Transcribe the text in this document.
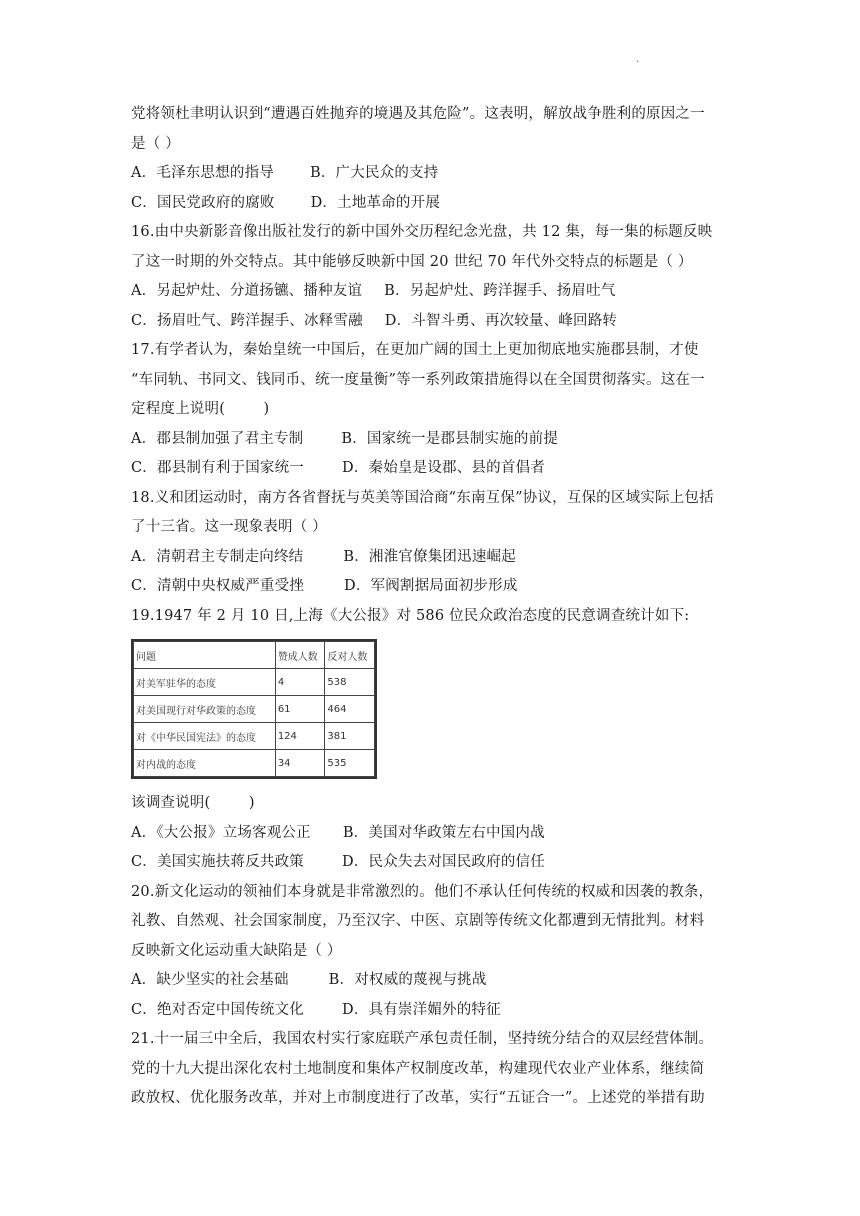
.
党将领杜聿明认识到“遭遇百姓抛弃的境遇及其危险”。这表明，解放战争胜利的原因之一
是（ ）
A．毛泽东思想的指导 B．广大民众的支持
C．国民党政府的腐败 D．土地革命的开展
16.由中央新影音像出版社发行的新中国外交历程纪念光盘，共 12 集，每一集的标题反映
了这一时期的外交特点。其中能够反映新中国 20 世纪 70 年代外交特点的标题是（ ）
A．另起炉灶、分道扬镳、播种友谊 B．另起炉灶、跨洋握手、扬眉吐气
C．扬眉吐气、跨洋握手、冰释雪融 D．斗智斗勇、再次较量、峰回路转
17.有学者认为，秦始皇统一中国后，在更加广阔的国土上更加彻底地实施郡县制，才使
“车同轨、书同文、钱同币、统一度量衡”等一系列政策措施得以在全国贯彻落实。这在一
定程度上说明(        )
A．郡县制加强了君主专制	B．国家统一是郡县制实施的前提
C．郡县制有利于国家统一	D．秦始皇是设郡、县的首倡者
18.义和团运动时，南方各省督抚与英美等国洽商“东南互保”协议，互保的区域实际上包括
了十三省。这一现象表明（ ）
A．清朝君主专制走向终结	B．湘淮官僚集团迅速崛起
C．清朝中央权威严重受挫	D．军阀割据局面初步形成
19.1947 年 2 月 10 日,上海《大公报》对 586 位民众政治态度的民意调查统计如下:
问题	赞成人数	反对人数
对美军驻华的态度	4	538
对美国现行对华政策的态度	61	464
对《中华民国宪法》的态度	124	381
对内战的态度	34	535
该调查说明(        )
A．《大公报》立场客观公正 B．美国对华政策左右中国内战
C．美国实施扶蒋反共政策	D．民众失去对国民政府的信任
20.新文化运动的领袖们本身就是非常激烈的。他们不承认任何传统的权威和因袭的教条，
礼教、自然观、社会国家制度，乃至汉字、中医、京剧等传统文化都遭到无情批判。材料
反映新文化运动重大缺陷是（ ）
A．缺少坚实的社会基础	B．对权威的蔑视与挑战
C．绝对否定中国传统文化	D．具有崇洋媚外的特征
21.十一届三中全后，我国农村实行家庭联产承包责任制，坚持统分结合的双层经营体制。
党的十九大提出深化农村土地制度和集体产权制度改革，构建现代农业产业体系，继续简
政放权、优化服务改革，并对上市制度进行了改革，实行“五证合一”。上述党的举措有助
